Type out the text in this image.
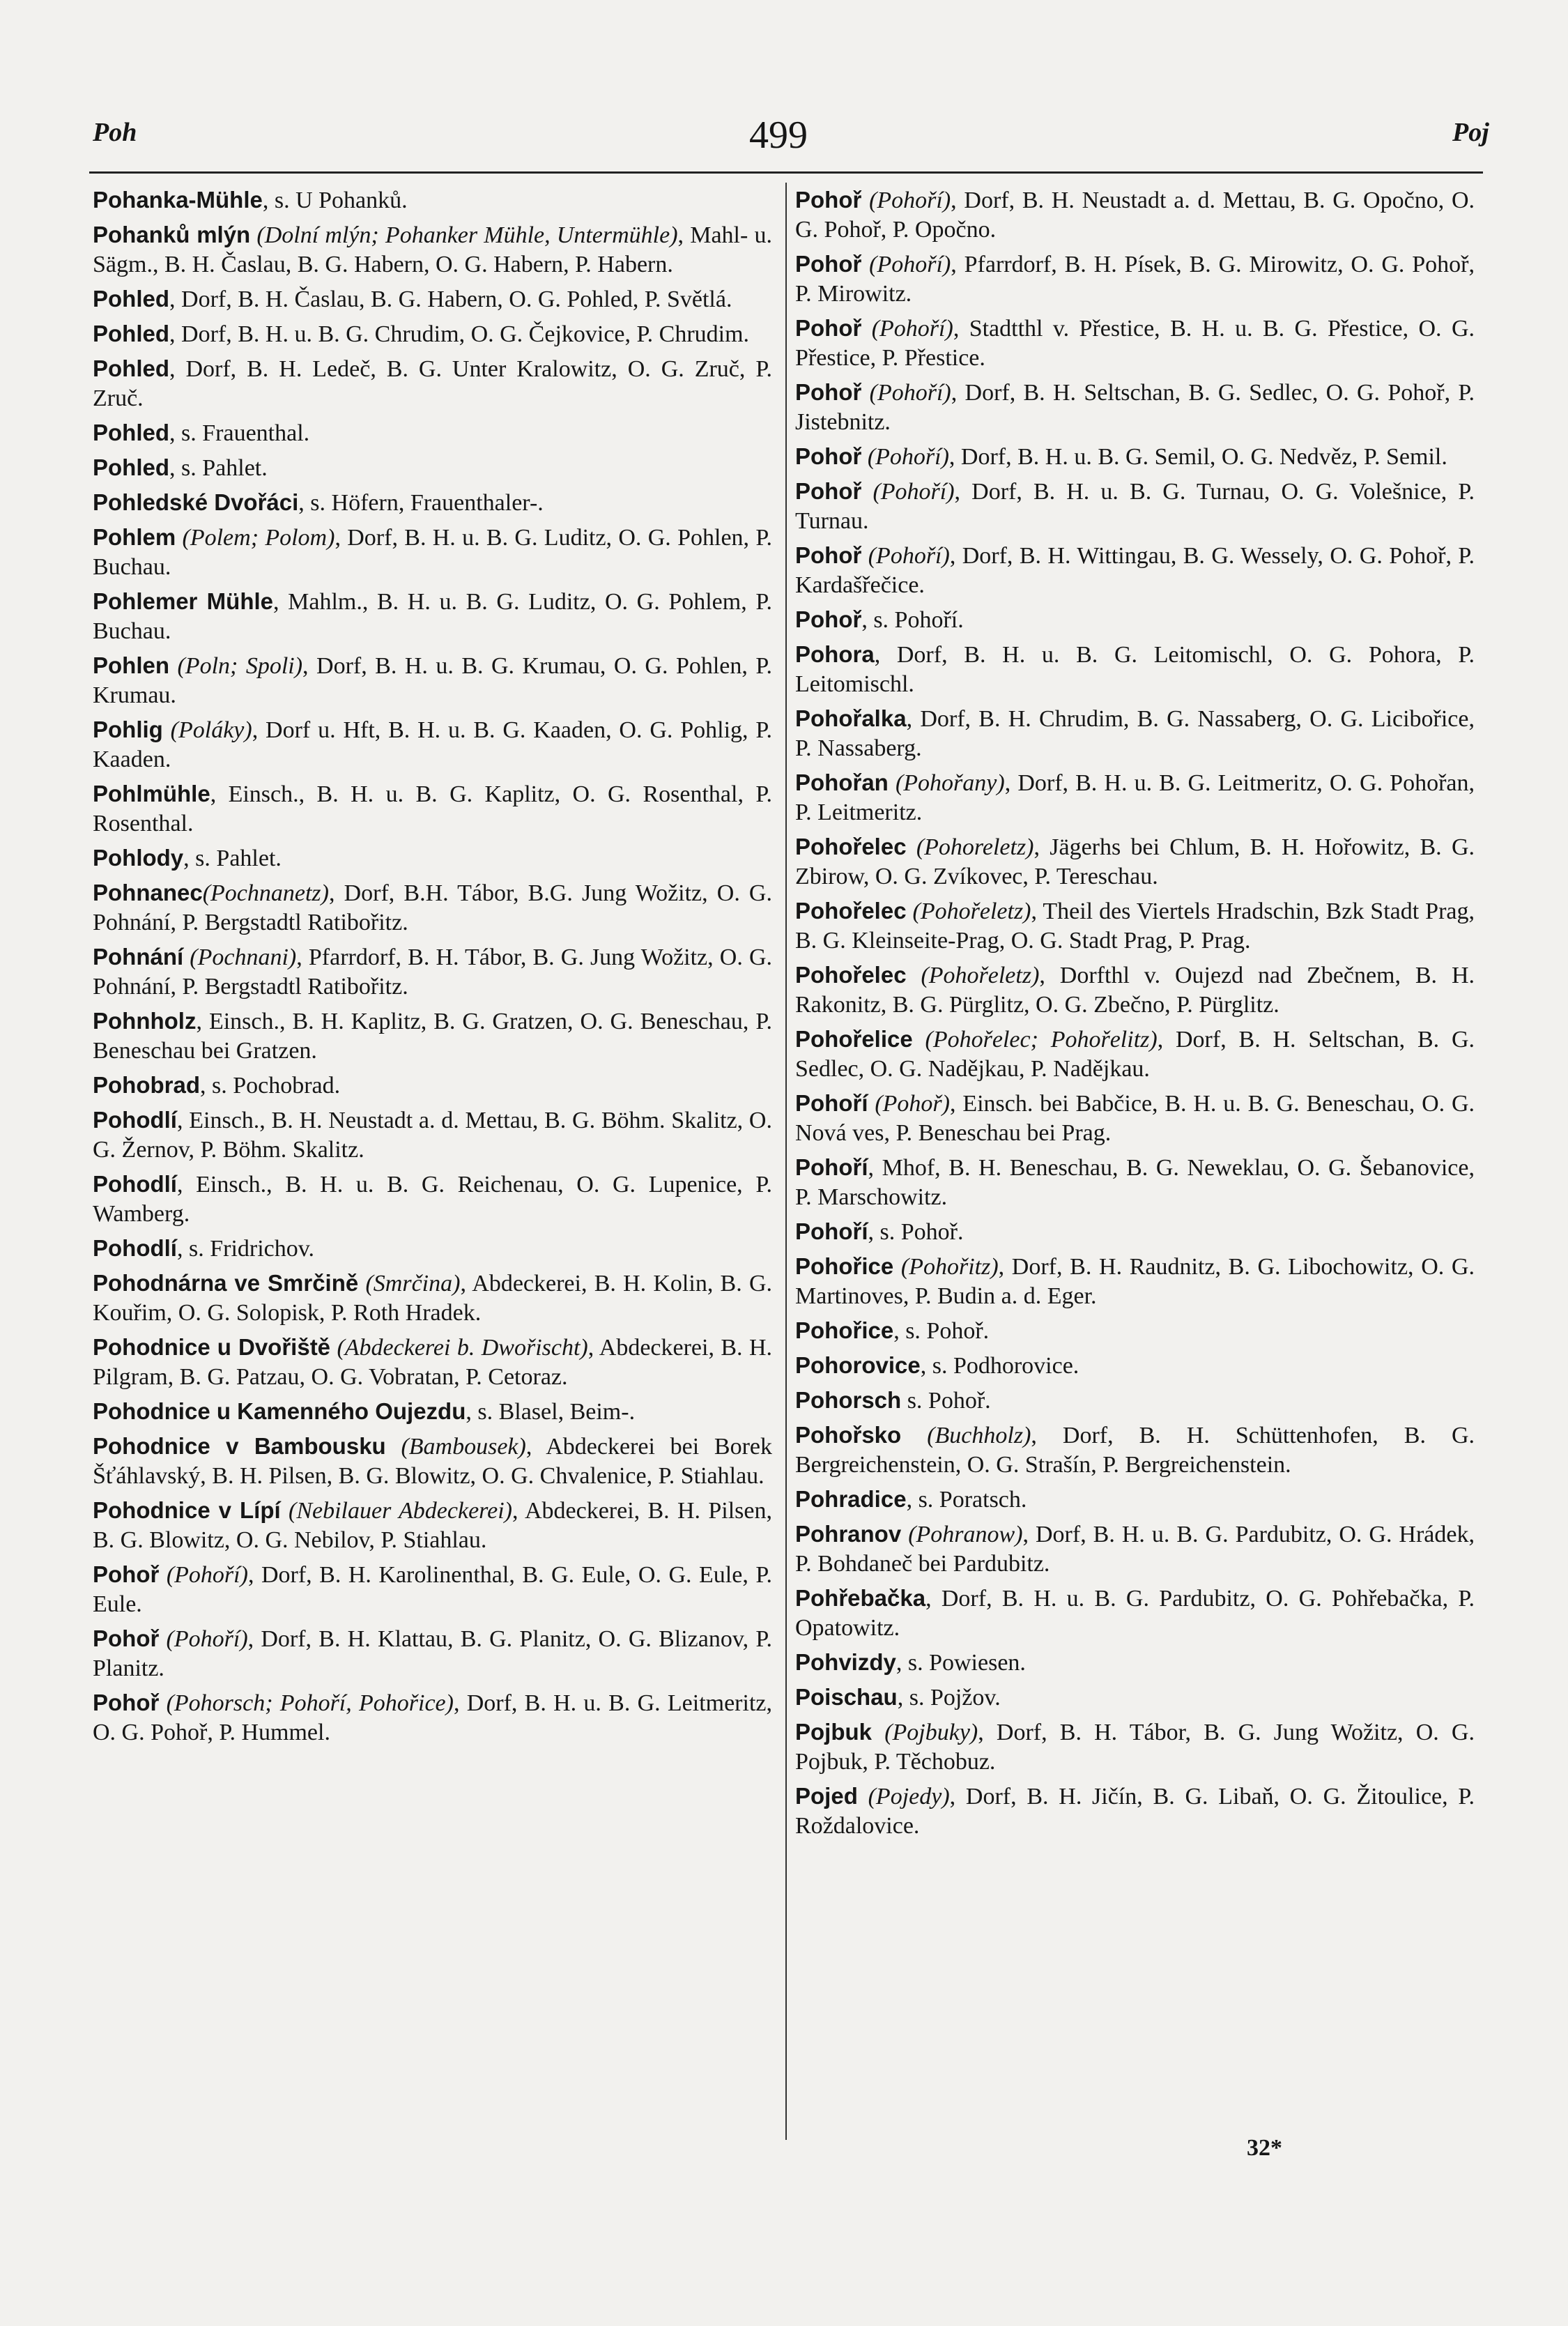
Poh	499	Poj
Pohanka-Mühle, s. U Pohanků.
Pohanků mlýn (Dolní mlýn; Pohanker Mühle, Untermühle), Mahl- u. Sägm., B. H. Časlau, B. G. Habern, O. G. Habern, P. Habern.
Pohled, Dorf, B. H. Časlau, B. G. Habern, O. G. Pohled, P. Světlá.
Pohled, Dorf, B. H. u. B. G. Chrudim, O. G. Čejkovice, P. Chrudim.
Pohled, Dorf, B. H. Ledeč, B. G. Unter Kralowitz, O. G. Zruč, P. Zruč.
Pohled, s. Frauenthal.
Pohled, s. Pahlet.
Pohledské Dvořáci, s. Höfern, Frauenthaler-.
Pohlem (Polem; Polom), Dorf, B. H. u. B. G. Luditz, O. G. Pohlen, P. Buchau.
Pohlemer Mühle, Mahlm., B. H. u. B. G. Luditz, O. G. Pohlem, P. Buchau.
Pohlen (Poln; Spoli), Dorf, B. H. u. B. G. Krumau, O. G. Pohlen, P. Krumau.
Pohlig (Poláky), Dorf u. Hft, B. H. u. B. G. Kaaden, O. G. Pohlig, P. Kaaden.
Pohlmühle, Einsch., B. H. u. B. G. Kaplitz, O. G. Rosenthal, P. Rosenthal.
Pohlody, s. Pahlet.
Pohnanec(Pochnanetz), Dorf, B.H. Tábor, B.G. Jung Wožitz, O. G. Pohnání, P. Bergstadtl Ratibořitz.
Pohnání (Pochnani), Pfarrdorf, B. H. Tábor, B. G. Jung Wožitz, O. G. Pohnání, P. Bergstadtl Ratibořitz.
Pohnholz, Einsch., B. H. Kaplitz, B. G. Gratzen, O. G. Beneschau, P. Beneschau bei Gratzen.
Pohobrad, s. Pochobrad.
Pohodlí, Einsch., B. H. Neustadt a. d. Mettau, B. G. Böhm. Skalitz, O. G. Žernov, P. Böhm. Skalitz.
Pohodlí, Einsch., B. H. u. B. G. Reichenau, O. G. Lupenice, P. Wamberg.
Pohodlí, s. Fridrichov.
Pohodnárna ve Smrčině (Smrčina), Abdeckerei, B. H. Kolin, B. G. Kouřim, O. G. Solopisk, P. Roth Hradek.
Pohodnice u Dvořiště (Abdeckerei b. Dwořischt), Abdeckerei, B. H. Pilgram, B. G. Patzau, O. G. Vobratan, P. Cetoraz.
Pohodnice u Kamenného Oujezdu, s. Blasel, Beim-.
Pohodnice v Bambousku (Bambousek), Abdeckerei bei Borek Šťáhlavský, B. H. Pilsen, B. G. Blowitz, O. G. Chvalenice, P. Stiahlau.
Pohodnice v Lípí (Nebilauer Abdeckerei), Abdeckerei, B. H. Pilsen, B. G. Blowitz, O. G. Nebilov, P. Stiahlau.
Pohoř (Pohoří), Dorf, B. H. Karolinenthal, B. G. Eule, O. G. Eule, P. Eule.
Pohoř (Pohoří), Dorf, B. H. Klattau, B. G. Planitz, O. G. Blizanov, P. Planitz.
Pohoř (Pohorsch; Pohoří, Pohořice), Dorf, B. H. u. B. G. Leitmeritz, O. G. Pohoř, P. Hummel.
Pohoř (Pohoří), Dorf, B. H. Neustadt a. d. Mettau, B. G. Opočno, O. G. Pohoř, P. Opočno.
Pohoř (Pohoří), Pfarrdorf, B. H. Písek, B. G. Mirowitz, O. G. Pohoř, P. Mirowitz.
Pohoř (Pohoří), Stadtthl v. Přestice, B. H. u. B. G. Přestice, O. G. Přestice, P. Přestice.
Pohoř (Pohoří), Dorf, B. H. Seltschan, B. G. Sedlec, O. G. Pohoř, P. Jistebnitz.
Pohoř (Pohoří), Dorf, B. H. u. B. G. Semil, O. G. Nedvěz, P. Semil.
Pohoř (Pohoří), Dorf, B. H. u. B. G. Turnau, O. G. Volešnice, P. Turnau.
Pohoř (Pohoří), Dorf, B. H. Wittingau, B. G. Wessely, O. G. Pohoř, P. Kardašřečice.
Pohoř, s. Pohoří.
Pohora, Dorf, B. H. u. B. G. Leitomischl, O. G. Pohora, P. Leitomischl.
Pohořalka, Dorf, B. H. Chrudim, B. G. Nassaberg, O. G. Licibořice, P. Nassaberg.
Pohořan (Pohořany), Dorf, B. H. u. B. G. Leitmeritz, O. G. Pohořan, P. Leitmeritz.
Pohořelec (Pohoreletz), Jägerhs bei Chlum, B. H. Hořowitz, B. G. Zbirow, O. G. Zvíkovec, P. Tereschau.
Pohořelec (Pohořeletz), Theil des Viertels Hradschin, Bzk Stadt Prag, B. G. Kleinseite-Prag, O. G. Stadt Prag, P. Prag.
Pohořelec (Pohořeletz), Dorfthl v. Oujezd nad Zbečnem, B. H. Rakonitz, B. G. Pürglitz, O. G. Zbečno, P. Pürglitz.
Pohořelice (Pohořelec; Pohořelitz), Dorf, B. H. Seltschan, B. G. Sedlec, O. G. Nadějkau, P. Nadějkau.
Pohoří (Pohoř), Einsch. bei Babčice, B. H. u. B. G. Beneschau, O. G. Nová ves, P. Beneschau bei Prag.
Pohoří, Mhof, B. H. Beneschau, B. G. Neweklau, O. G. Šebanovice, P. Marschowitz.
Pohoří, s. Pohoř.
Pohořice (Pohořitz), Dorf, B. H. Raudnitz, B. G. Libochowitz, O. G. Martinoves, P. Budin a. d. Eger.
Pohořice, s. Pohoř.
Pohorovice, s. Podhorovice.
Pohorsch s. Pohoř.
Pohořsko (Buchholz), Dorf, B. H. Schüttenhofen, B. G. Bergreichenstein, O. G. Strašín, P. Bergreichenstein.
Pohradice, s. Poratsch.
Pohranov (Pohranow), Dorf, B. H. u. B. G. Pardubitz, O. G. Hrádek, P. Bohdaneč bei Pardubitz.
Pohřebačka, Dorf, B. H. u. B. G. Pardubitz, O. G. Pohřebačka, P. Opatowitz.
Pohvizdy, s. Powiesen.
Poischau, s. Pojžov.
Pojbuk (Pojbuky), Dorf, B. H. Tábor, B. G. Jung Wožitz, O. G. Pojbuk, P. Těchobuz.
Pojed (Pojedy), Dorf, B. H. Jičín, B. G. Libaň, O. G. Žitoulice, P. Roždalovice.
32*
